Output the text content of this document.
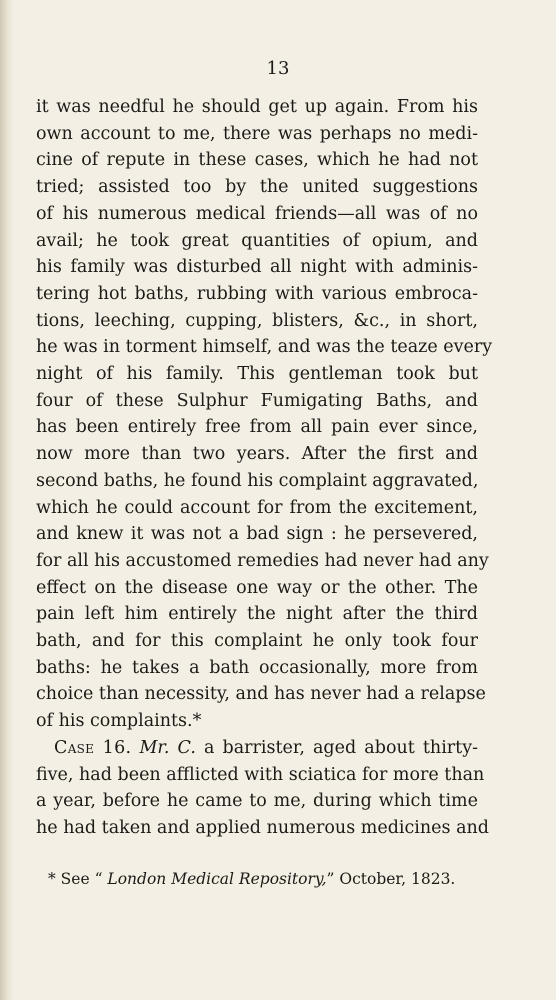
13
it was needful he should get up again. From his
own account to me, there was perhaps no medi-
cine of repute in these cases, which he had not
tried; assisted too by the united suggestions
of his numerous medical friends—all was of no
avail; he took great quantities of opium, and
his family was disturbed all night with adminis-
tering hot baths, rubbing with various embroca-
tions, leeching, cupping, blisters, &c., in short,
he was in torment himself, and was the teaze every
night of his family. This gentleman took but
four of these Sulphur Fumigating Baths, and
has been entirely free from all pain ever since,
now more than two years. After the first and
second baths, he found his complaint aggravated,
which he could account for from the excitement,
and knew it was not a bad sign : he persevered,
for all his accustomed remedies had never had any
effect on the disease one way or the other. The
pain left him entirely the night after the third
bath, and for this complaint he only took four
baths: he takes a bath occasionally, more from
choice than necessity, and has never had a relapse
of his complaints.*
Case 16. Mr. C. a barrister, aged about thirty-
five, had been afflicted with sciatica for more than
a year, before he came to me, during which time
he had taken and applied numerous medicines and
* See “ London Medical Repository,” October, 1823.
